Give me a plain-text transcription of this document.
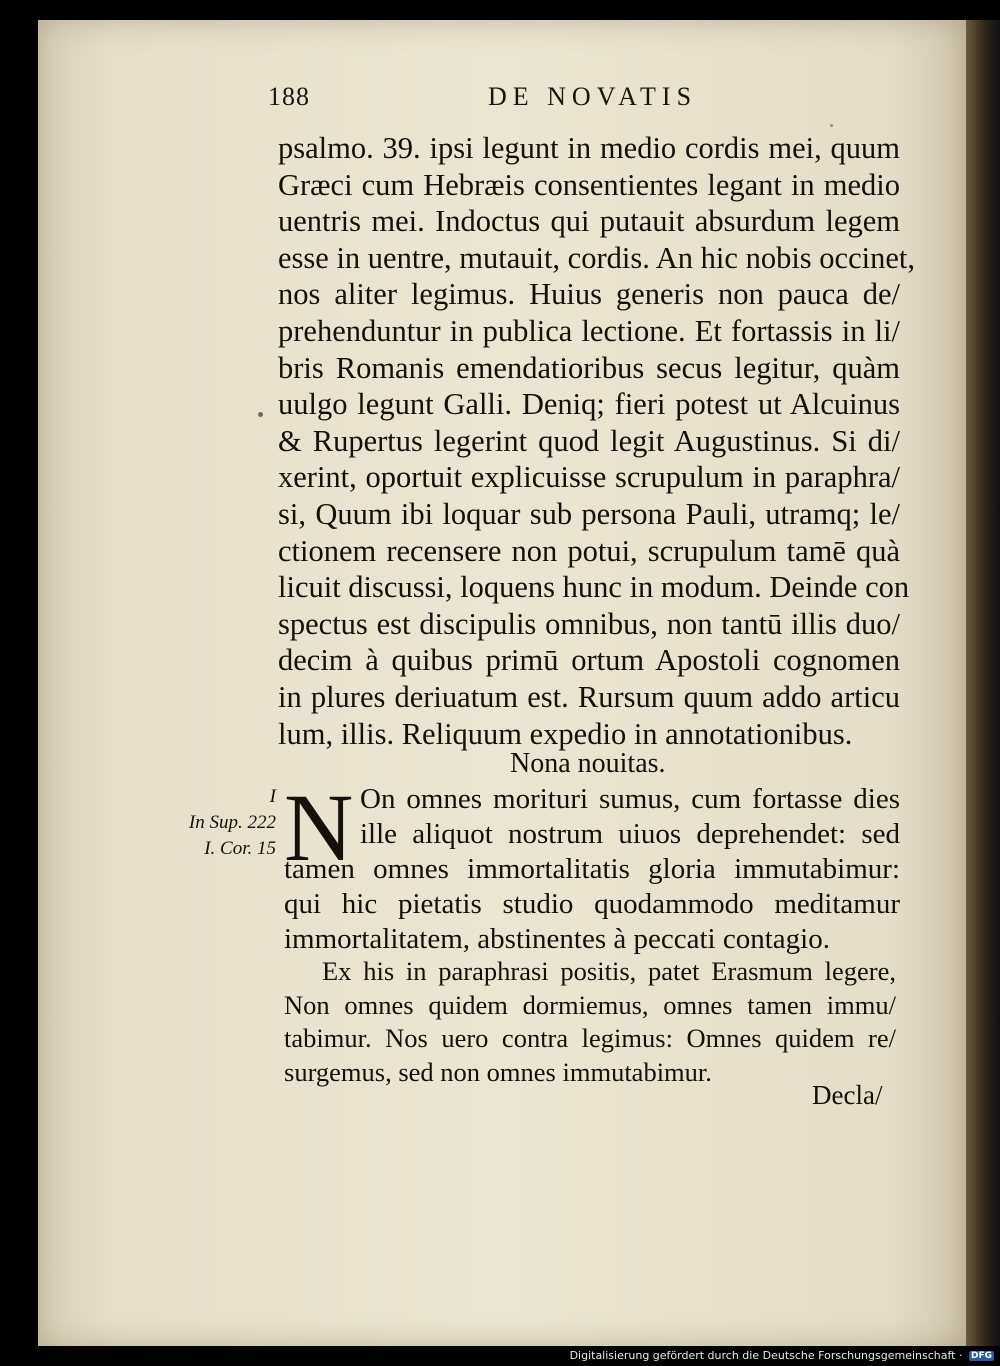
188	DE NOVATIS
psalmo. 39. ipsi legunt in medio cordis mei, quum
Græci cum Hebræis consentientes legant in medio
uentris mei. Indoctus qui putauit absurdum legem
esse in uentre, mutauit, cordis. An hic nobis occinet,
nos aliter legimus. Huius generis non pauca de/
prehenduntur in publica lectione. Et fortassis in li/
bris Romanis emendatioribus secus legitur, quàm
uulgo legunt Galli. Deniq; fieri potest ut Alcuinus
& Rupertus legerint quod legit Augustinus. Si di/
xerint, oportuit explicuisse scrupulum in paraphra/
si, Quum ibi loquar sub persona Pauli, utramq; le/
ctionem recensere non potui, scrupulum tamē quà
licuit discussi, loquens hunc in modum. Deinde con
spectus est discipulis omnibus, non tantū illis duo/
decim à quibus primū ortum Apostoli cognomen
in plures deriuatum est. Rursum quum addo articu
lum, illis. Reliquum expedio in annotationibus.
Nona nouitas.
I
In Sup. 222
I. Cor. 15 N On omnes morituri sumus, cum fortasse dies
ille aliquot nostrum uiuos deprehendet: sed
tamen omnes immortalitatis gloria immutabimur:
qui hic pietatis studio quodammodo meditamur
immortalitatem, abstinentes à peccati contagio.
Ex his in paraphrasi positis, patet Erasmum legere,
Non omnes quidem dormiemus, omnes tamen immu/
tabimur. Nos uero contra legimus: Omnes quidem re/
surgemus, sed non omnes immutabimur.
Decla/
Digitalisierung gefördert durch die Deutsche Forschungsgemeinschaft · DFG
